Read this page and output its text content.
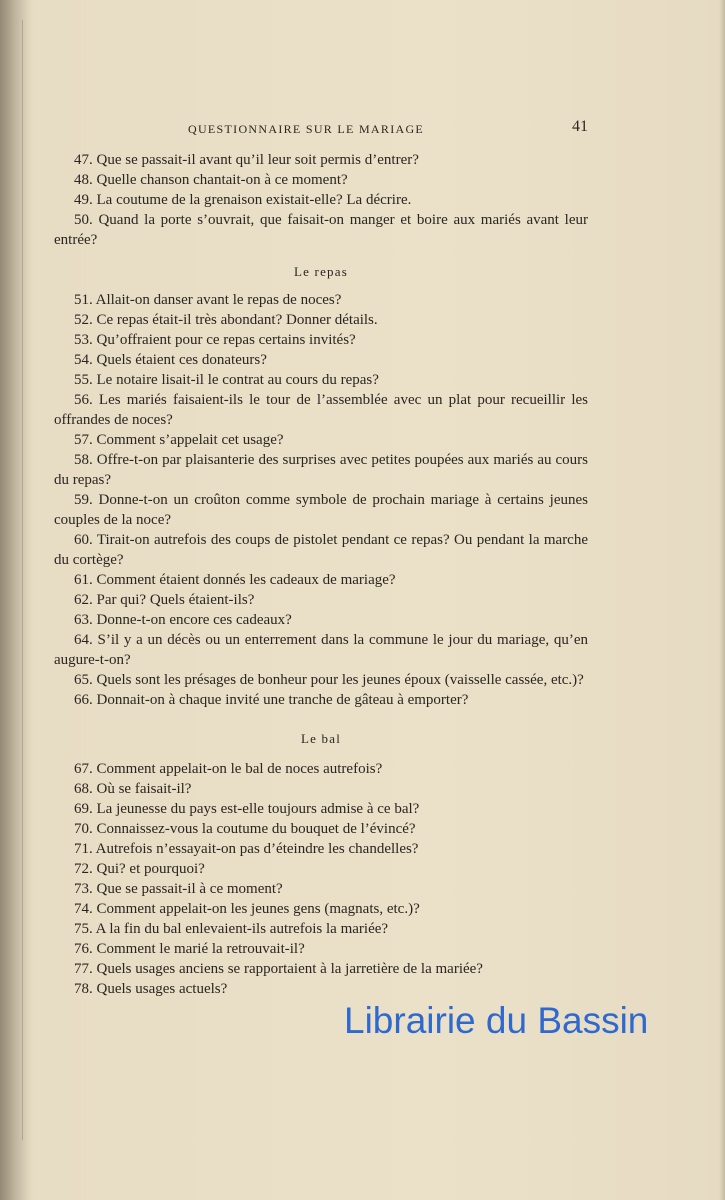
QUESTIONNAIRE SUR LE MARIAGE	41

47. Que se passait-il avant qu’il leur soit permis d’entrer?

48. Quelle chanson chantait-on à ce moment?

49. La coutume de la grenaison existait-elle? La décrire.

50. Quand la porte s’ouvrait, que faisait-on manger et boire aux mariés avant leur entrée?

Le repas

51. Allait-on danser avant le repas de noces?

52. Ce repas était-il très abondant? Donner détails.

53. Qu’offraient pour ce repas certains invités?

54. Quels étaient ces donateurs?

55. Le notaire lisait-il le contrat au cours du repas?

56. Les mariés faisaient-ils le tour de l’assemblée avec un plat pour recueillir les offrandes de noces?

57. Comment s’appelait cet usage?

58. Offre-t-on par plaisanterie des surprises avec petites poupées aux mariés au cours du repas?

59. Donne-t-on un croûton comme symbole de prochain mariage à certains jeunes couples de la noce?

60. Tirait-on autrefois des coups de pistolet pendant ce repas? Ou pendant la marche du cortège?

61. Comment étaient donnés les cadeaux de mariage?

62. Par qui? Quels étaient-ils?

63. Donne-t-on encore ces cadeaux?

64. S’il y a un décès ou un enterrement dans la commune le jour du mariage, qu’en augure-t-on?

65. Quels sont les présages de bonheur pour les jeunes époux (vaisselle cassée, etc.)?

66. Donnait-on à chaque invité une tranche de gâteau à emporter?

Le bal

67. Comment appelait-on le bal de noces autrefois?

68. Où se faisait-il?

69. La jeunesse du pays est-elle toujours admise à ce bal?

70. Connaissez-vous la coutume du bouquet de l’évincé?

71. Autrefois n’essayait-on pas d’éteindre les chandelles?

72. Qui? et pourquoi?

73. Que se passait-il à ce moment?

74. Comment appelait-on les jeunes gens (magnats, etc.)?

75. A la fin du bal enlevaient-ils autrefois la mariée?

76. Comment le marié la retrouvait-il?

77. Quels usages anciens se rapportaient à la jarretière de la mariée?

78. Quels usages actuels?

Librairie du Bassin
